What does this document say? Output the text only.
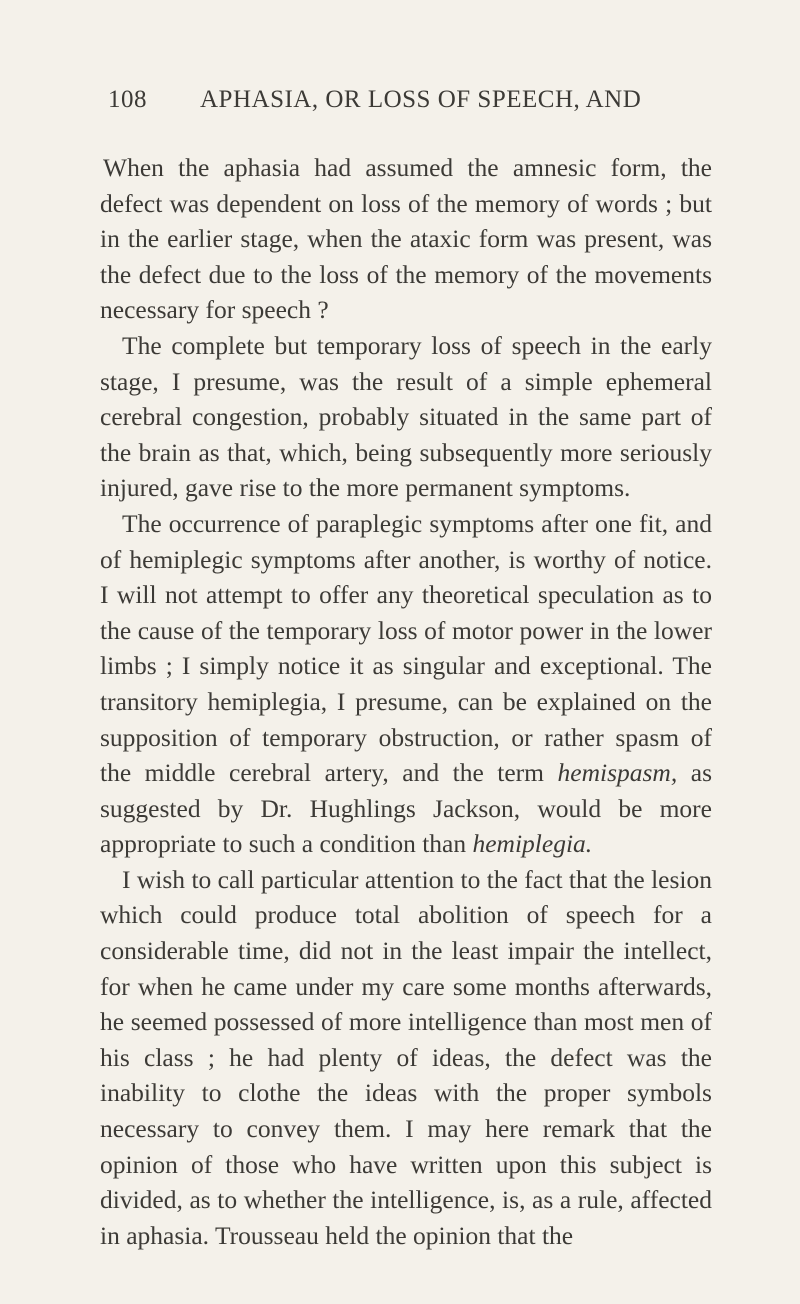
108 APHASIA, OR LOSS OF SPEECH, AND

When the aphasia had assumed the amnesic form, the defect was dependent on loss of the memory of words ; but in the earlier stage, when the ataxic form was present, was the defect due to the loss of the memory of the movements necessary for speech ?

The complete but temporary loss of speech in the early stage, I presume, was the result of a simple ephemeral cerebral congestion, probably situated in the same part of the brain as that, which, being subsequently more seriously injured, gave rise to the more permanent symptoms.

The occurrence of paraplegic symptoms after one fit, and of hemiplegic symptoms after another, is worthy of notice. I will not attempt to offer any theoretical speculation as to the cause of the temporary loss of motor power in the lower limbs ; I simply notice it as singular and exceptional. The transitory hemiplegia, I presume, can be explained on the supposition of temporary obstruction, or rather spasm of the middle cerebral artery, and the term hemispasm, as suggested by Dr. Hughlings Jackson, would be more appropriate to such a condition than hemiplegia.

I wish to call particular attention to the fact that the lesion which could produce total abolition of speech for a considerable time, did not in the least impair the intellect, for when he came under my care some months afterwards, he seemed possessed of more intelligence than most men of his class ; he had plenty of ideas, the defect was the inability to clothe the ideas with the proper symbols necessary to convey them. I may here remark that the opinion of those who have written upon this subject is divided, as to whether the intelligence, is, as a rule, affected in aphasia. Trousseau held the opinion that the
